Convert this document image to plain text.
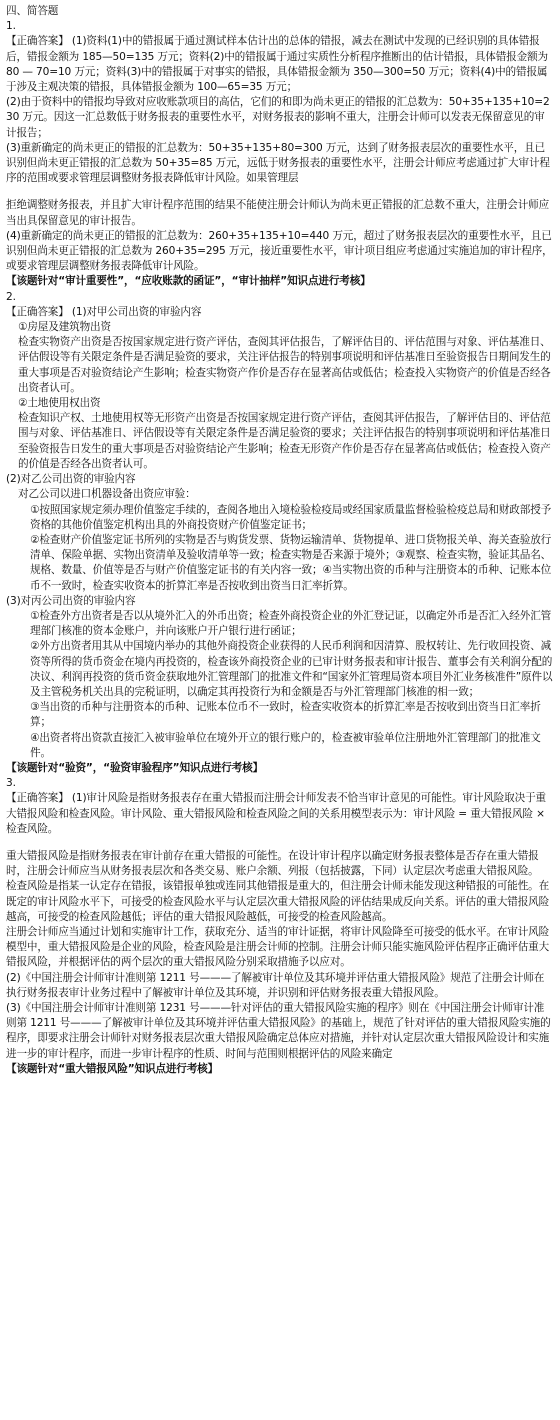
四、简答题

1.

【正确答案】 (1)资料(1)中的错报属于通过测试样本估计出的总体的错报，减去在测试中发现的已经识别的具体错报后，错报金额为 185—50=135 万元；资料(2)中的错报属于通过实质性分析程序推断出的估计错报，具体错报金额为 80 — 70=10 万元；资料(3)中的错报属于对事实的错报，具体错报金额为 350—300=50 万元；资料(4)中的错报属于涉及主观决策的错报，具体错报金额为 100—65=35 万元；

(2)由于资料中的错报均导致对应收账款项目的高估，它们的和即为尚未更正的错报的汇总数为：50+35+135+10=230 万元。因这一汇总数低于财务报表的重要性水平，对财务报表的影响不重大，注册会计师可以发表无保留意见的审计报告；

(3)重新确定的尚未更正的错报的汇总数为：50+35+135+80=300 万元，达到了财务报表层次的重要性水平，且已识别但尚未更正错报的汇总数为 50+35=85 万元，远低于财务报表的重要性水平，注册会计师应考虑通过扩大审计程序的范围或要求管理层调整财务报表降低审计风险。如果管理层

拒绝调整财务报表，并且扩大审计程序范围的结果不能使注册会计师认为尚未更正错报的汇总数不重大，注册会计师应当出具保留意见的审计报告。

(4)重新确定的尚未更正的错报的汇总数为：260+35+135+10=440 万元，超过了财务报表层次的重要性水平，且已识别但尚未更正错报的汇总数为 260+35=295 万元，接近重要性水平，审计项目组应考虑通过实施追加的审计程序，或要求管理层调整财务报表降低审计风险。

【该题针对“审计重要性”，“应收账款的函证”，“审计抽样”知识点进行考核】

2.

【正确答案】 (1)对甲公司出资的审验内容

①房屋及建筑物出资

检查实物资产出资是否按国家规定进行资产评估，查阅其评估报告，了解评估目的、评估范围与对象、评估基准日、评估假设等有关限定条件是否满足验资的要求，关注评估报告的特别事项说明和评估基准日至验资报告日期间发生的重大事项是否对验资结论产生影响；检查实物资产作价是否存在显著高估或低估；检查投入实物资产的价值是否经各出资者认可。

②土地使用权出资

检查知识产权、土地使用权等无形资产出资是否按国家规定进行资产评估，查阅其评估报告，了解评估目的、评估范围与对象、评估基准日、评估假设等有关限定条件是否满足验资的要求；关注评估报告的特别事项说明和评估基准日至验资报告日发生的重大事项是否对验资结论产生影响；检查无形资产作价是否存在显著高估或低估；检查投入资产的价值是否经各出资者认可。

(2)对乙公司出资的审验内容

对乙公司以进口机器设备出资应审验：

①按照国家规定须办理价值鉴定手续的，查阅各地出入境检验检疫局或经国家质量监督检验检疫总局和财政部授予资格的其他价值鉴定机构出具的外商投资财产价值鉴定证书；

②检查财产价值鉴定证书所列的实物是否与购货发票、货物运输清单、货物提单、进口货物报关单、海关查验放行清单、保险单据、实物出资清单及验收清单等一致；检查实物是否来源于境外；③观察、检查实物，验证其品名、规格、数量、价值等是否与财产价值鉴定证书的有关内容一致；④当实物出资的币种与注册资本的币种、记账本位币不一致时，检查实收资本的折算汇率是否按收到出资当日汇率折算。

(3)对丙公司出资的审验内容

①检查外方出资者是否以从境外汇入的外币出资；检查外商投资企业的外汇登记证，以确定外币是否汇入经外汇管理部门核准的资本金账户，并向该账户开户银行进行函证；

②外方出资者用其从中国境内举办的其他外商投资企业获得的人民币利润和因清算、股权转让、先行收回投资、减资等所得的货币资金在境内再投资的，检查该外商投资企业的已审计财务报表和审计报告、董事会有关利润分配的决议、利润再投资的货币资金获取地外汇管理部门的批准文件和“国家外汇管理局资本项目外汇业务核准件”原件以及主管税务机关出具的完税证明，以确定其再投资行为和金额是否与外汇管理部门核准的相一致；

③当出资的币种与注册资本的币种、记账本位币不一致时，检查实收资本的折算汇率是否按收到出资当日汇率折算；

④出资者将出资款直接汇入被审验单位在境外开立的银行账户的，检查被审验单位注册地外汇管理部门的批准文件。

【该题针对“验资”，“验资审验程序”知识点进行考核】

3.

【正确答案】 (1)审计风险是指财务报表存在重大错报而注册会计师发表不恰当审计意见的可能性。审计风险取决于重大错报风险和检查风险。审计风险、重大错报风险和检查风险之间的关系用模型表示为：审计风险 = 重大错报风险 ×检查风险。

重大错报风险是指财务报表在审计前存在重大错报的可能性。在设计审计程序以确定财务报表整体是否存在重大错报时，注册会计师应当从财务报表层次和各类交易、账户余额、列报（包括披露，下同）认定层次考虑重大错报风险。

检查风险是指某一认定存在错报，该错报单独或连同其他错报是重大的，但注册会计师未能发现这种错报的可能性。在既定的审计风险水平下，可接受的检查风险水平与认定层次重大错报风险的评估结果成反向关系。评估的重大错报风险越高，可接受的检查风险越低；评估的重大错报风险越低，可接受的检查风险越高。

注册会计师应当通过计划和实施审计工作，获取充分、适当的审计证据，将审计风险降至可接受的低水平。在审计风险模型中，重大错报风险是企业的风险，检查风险是注册会计师的控制。注册会计师只能实施风险评估程序正确评估重大错报风险，并根据评估的两个层次的重大错报风险分别采取措施予以应对。

(2)《中国注册会计师审计准则第 1211 号———了解被审计单位及其环境并评估重大错报风险》规范了注册会计师在执行财务报表审计业务过程中了解被审计单位及其环境，并识别和评估财务报表重大错报风险。

(3)《中国注册会计师审计准则第 1231 号———针对评估的重大错报风险实施的程序》则在《中国注册会计师审计准则第 1211 号———了解被审计单位及其环境并评估重大错报风险》的基础上，规范了针对评估的重大错报风险实施的程序，即要求注册会计师针对财务报表层次重大错报风险确定总体应对措施，并针对认定层次重大错报风险设计和实施进一步的审计程序，而进一步审计程序的性质、时间与范围则根据评估的风险来确定

【该题针对“重大错报风险”知识点进行考核】
